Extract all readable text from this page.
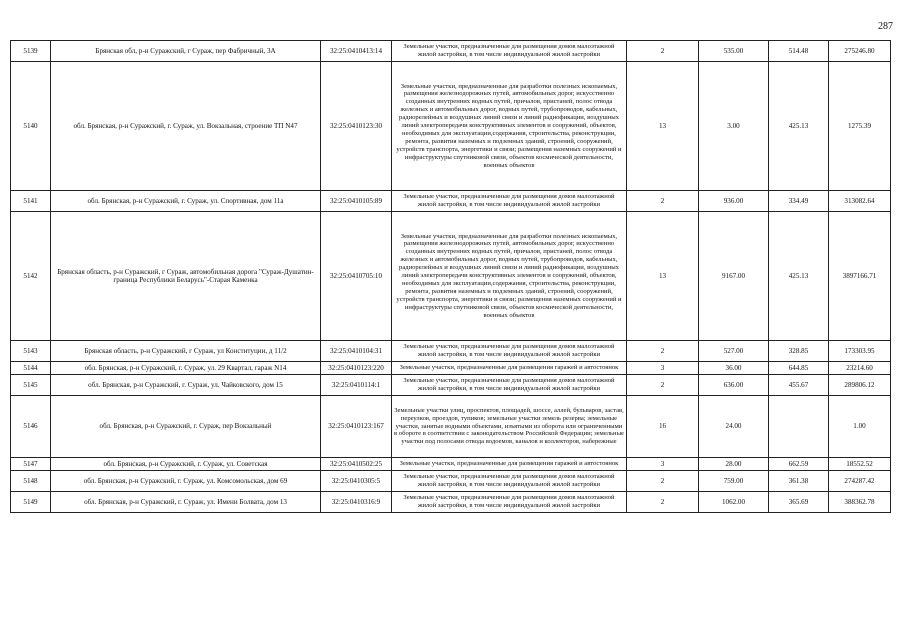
287
5139	Брянская обл, р-н Суражский, г Сураж, пер Фабричный, 3А	32:25:0410413:14	Земельные участки, предназначенные для размещения домов малоэтажной жилой застройки, в том числе индивидуальной жилой застройки	2	535.00	514.48	275246.80
5140	обл. Брянская, р-н Суражский, г. Сураж, ул. Вокзальная, строение ТП N47	32:25:0410123:30	Земельные участки, предназначенные для разработки полезных ископаемых, размещения железнодорожных путей, автомобильных дорог, искусственно созданных внутренних водных путей, причалов, пристаней, полос отвода железных и автомобильных дорог, водных путей, трубопроводов, кабельных, радиорелейных и воздушных линий связи и линий радиофикации, воздушных линий электропередачи конструктивных элементов и сооружений, объектов, необходимых для эксплуатации,содержания, строительства, реконструкции, ремонта, развития наземных и подземных зданий, строений, сооружений, устройств транспорта, энергетики и связи; размещения наземных сооружений и инфраструктуры спутниковой связи, объектов космической деятельности, военных объектов	13	3.00	425.13	1275.39
5141	обл. Брянская, р-н Суражский, г. Сураж, ул. Спортивная, дом 11а	32:25:0410105:89	Земельные участки, предназначенные для размещения домов малоэтажной жилой застройки, в том числе индивидуальной жилой застройки	2	936.00	334.49	313082.64
5142	Брянская область, р-н Суражский, г Сураж, автомобильная дорога "Сураж-Душатин-граница Республики Беларусь"-Старая Каменка	32:25:0410705:10	Земельные участки, предназначенные для разработки полезных ископаемых, размещения железнодорожных путей, автомобильных дорог, искусственно созданных внутренних водных путей, причалов, пристаней, полос отвода железных и автомобильных дорог, водных путей, трубопроводов, кабельных, радиорелейных и воздушных линий связи и линий радиофикации, воздушных линий электропередачи конструктивных элементов и сооружений, объектов, необходимых для эксплуатации,содержания, строительства, реконструкции, ремонта, развития наземных и подземных зданий, строений, сооружений, устройств транспорта, энергетики и связи; размещения наземных сооружений и инфраструктуры спутниковой связи, объектов космической деятельности, военных объектов	13	9167.00	425.13	3897166.71
5143	Брянская область, р-н Суражский, г Сураж, ул Конституции, д 11/2	32:25:0410104:31	Земельные участки, предназначенные для размещения домов малоэтажной жилой застройки, в том числе индивидуальной жилой застройки	2	527.00	328.85	173303.95
5144	обл. Брянская, р-н Суражский, г. Сураж, ул. 29 Квартал, гараж N14	32:25:0410123:220	Земельные участки, предназначенные для размещения гаражей и автостоянок	3	36.00	644.85	23214.60
5145	обл. Брянская, р-н Суражский, г. Сураж, ул. Чайковского, дом 15	32:25:0410114:1	Земельные участки, предназначенные для размещения домов малоэтажной жилой застройки, в том числе индивидуальной жилой застройки	2	636.00	455.67	289806.12
5146	обл. Брянская, р-н Суражский, г. Сураж, пер Вокзальный	32:25:0410123:167	Земельные участки улиц, проспектов, площадей, шоссе, аллей, бульваров, застав, переулков, проездов, тупиков; земельные участки земель резерва; земельные участки, занятые водными объектами, изъятыми из оборота или ограниченными в обороте в соответствии с законодательством Российской Федерации; земельные участки под полосами отвода водоемов, каналов и коллекторов, набережные	16	24.00		1.00
5147	обл. Брянская, р-н Суражский, г. Сураж, ул. Советская	32:25:0410502:25	Земельные участки, предназначенные для размещения гаражей и автостоянок	3	28.00	662.59	18552.52
5148	обл. Брянская, р-н Суражский, г. Сураж, ул. Комсомольская, дом 69	32:25:0410305:5	Земельные участки, предназначенные для размещения домов малоэтажной жилой застройки, в том числе индивидуальной жилой застройки	2	759.00	361.38	274287.42
5149	обл. Брянская, р-н Суражский, г. Сураж, ул. Имени Болвата, дом 13	32:25:0410316:9	Земельные участки, предназначенные для размещения домов малоэтажной жилой застройки, в том числе индивидуальной жилой застройки	2	1062.00	365.69	388362.78
